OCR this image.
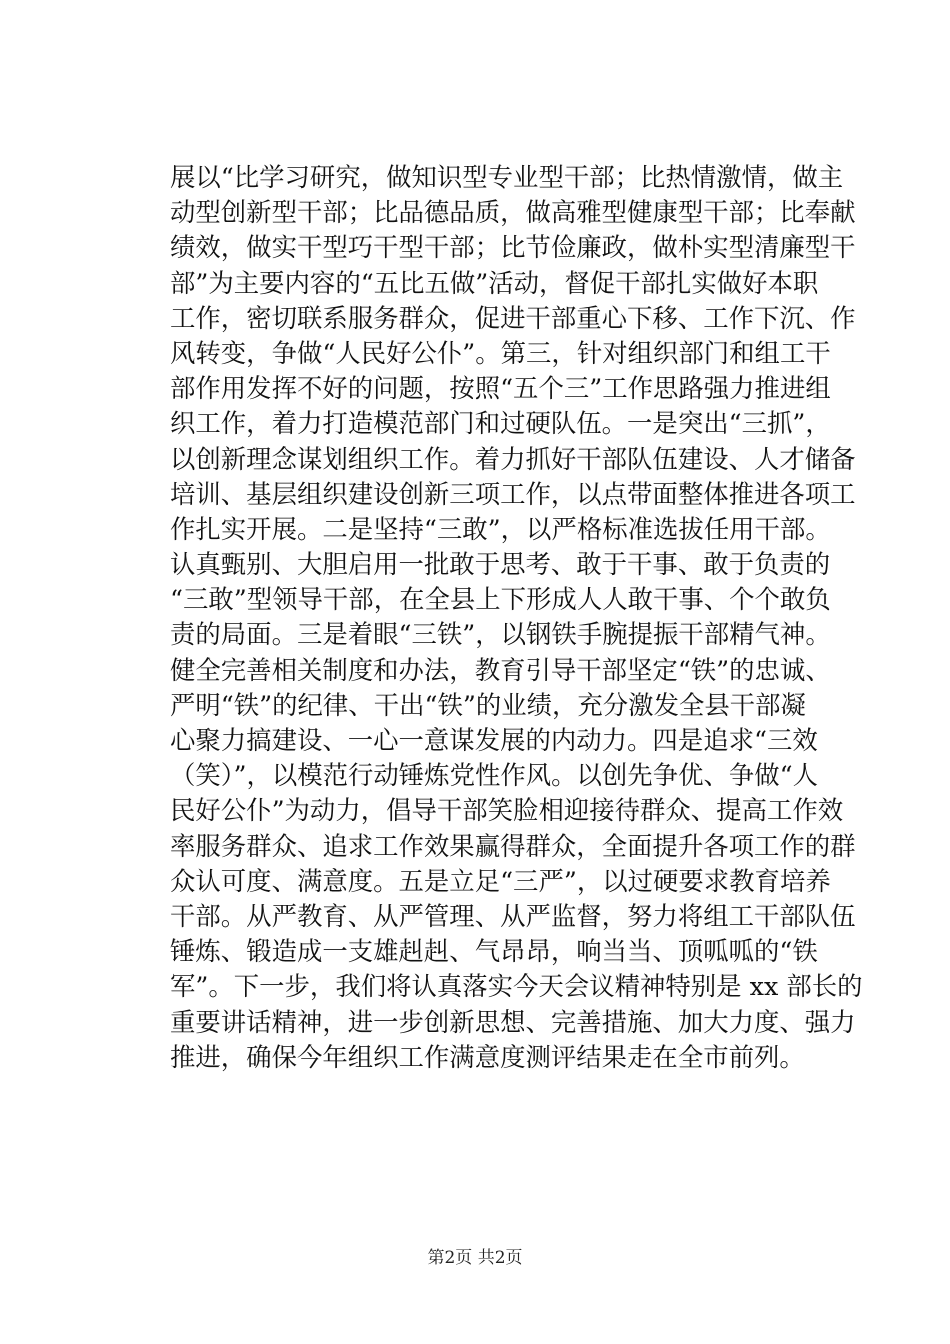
展以“比学习研究，做知识型专业型干部；比热情激情，做主
动型创新型干部；比品德品质，做高雅型健康型干部；比奉献
绩效，做实干型巧干型干部；比节俭廉政，做朴实型清廉型干
部”为主要内容的“五比五做”活动，督促干部扎实做好本职
工作，密切联系服务群众，促进干部重心下移、工作下沉、作
风转变，争做“人民好公仆”。第三，针对组织部门和组工干
部作用发挥不好的问题，按照“五个三”工作思路强力推进组
织工作，着力打造模范部门和过硬队伍。一是突出“三抓”，
以创新理念谋划组织工作。着力抓好干部队伍建设、人才储备
培训、基层组织建设创新三项工作，以点带面整体推进各项工
作扎实开展。二是坚持“三敢”，以严格标准选拔任用干部。
认真甄别、大胆启用一批敢于思考、敢于干事、敢于负责的
“三敢”型领导干部，在全县上下形成人人敢干事、个个敢负
责的局面。三是着眼“三铁”，以钢铁手腕提振干部精气神。
健全完善相关制度和办法，教育引导干部坚定“铁”的忠诚、
严明“铁”的纪律、干出“铁”的业绩，充分激发全县干部凝
心聚力搞建设、一心一意谋发展的内动力。四是追求“三效
（笑）”，以模范行动锤炼党性作风。以创先争优、争做“人
民好公仆”为动力，倡导干部笑脸相迎接待群众、提高工作效
率服务群众、追求工作效果赢得群众，全面提升各项工作的群
众认可度、满意度。五是立足“三严”，以过硬要求教育培养
干部。从严教育、从严管理、从严监督，努力将组工干部队伍
锤炼、锻造成一支雄赳赳、气昂昂，响当当、顶呱呱的“铁
军”。下一步，我们将认真落实今天会议精神特别是 xx 部长的
重要讲话精神，进一步创新思想、完善措施、加大力度、强力
推进，确保今年组织工作满意度测评结果走在全市前列。

第2页 共2页
